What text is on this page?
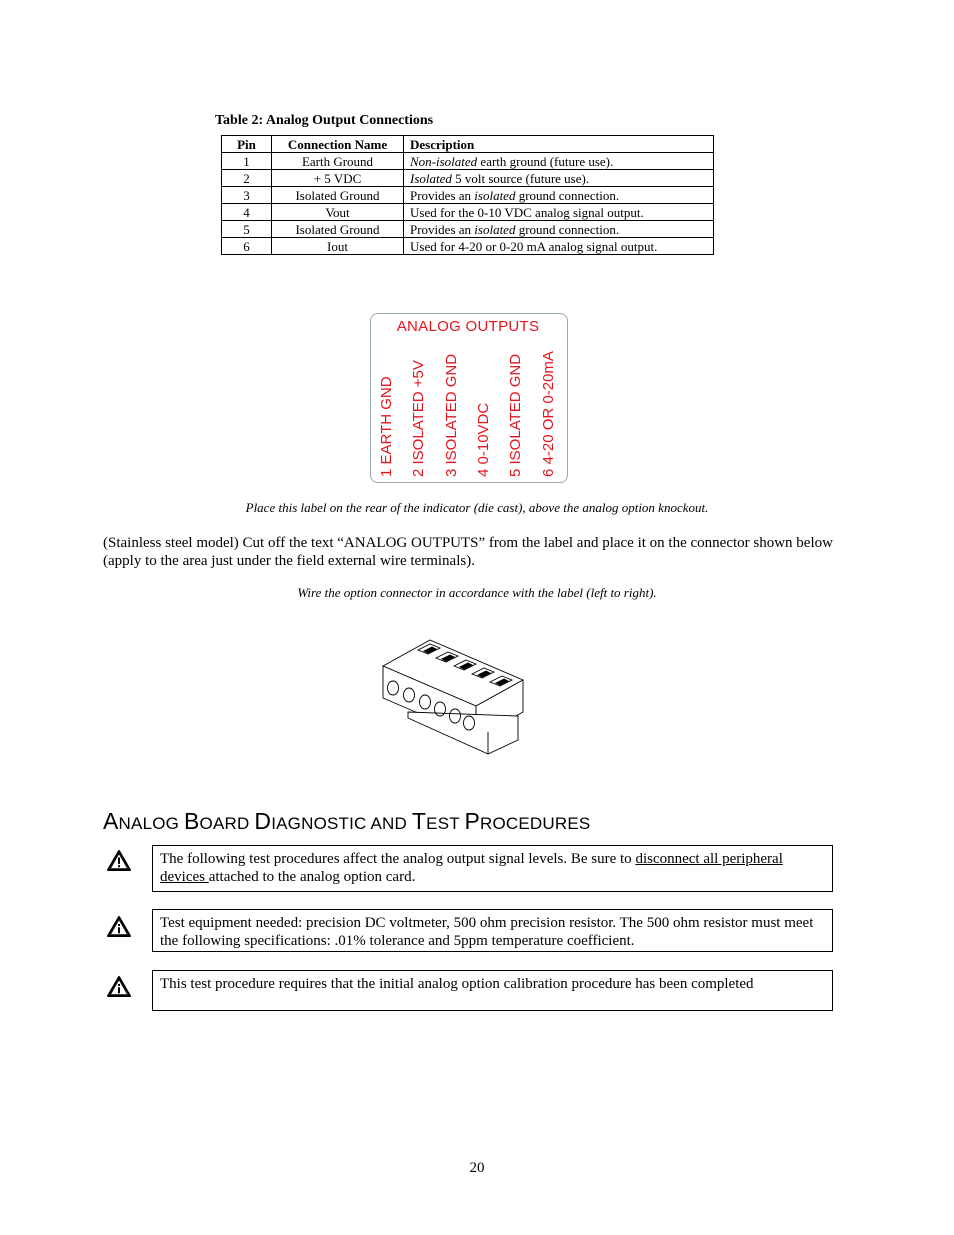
Table 2: Analog Output Connections
Pin	Connection Name	Description
1	Earth Ground	Non-isolated earth ground (future use).
2	+ 5 VDC	Isolated 5 volt source (future use).
3	Isolated Ground	Provides an isolated ground connection.
4	Vout	Used for the 0-10 VDC analog signal output.
5	Isolated Ground	Provides an isolated ground connection.
6	Iout	Used for 4-20 or 0-20 mA analog signal output.
ANALOG OUTPUTS
1 EARTH GND 2 ISOLATED +5V 3 ISOLATED GND 4 0-10VDC 5 ISOLATED GND 6 4-20 OR 0-20mA
Place this label on the rear of the indicator (die cast), above the analog option knockout.
(Stainless steel model) Cut off the text “ANALOG OUTPUTS” from the label and place it on the connector shown below (apply to the area just under the field external wire terminals).
Wire the option connector in accordance with the label (left to right).
ANALOG BOARD DIAGNOSTIC AND TEST PROCEDURES
The following test procedures affect the analog output signal levels. Be sure to disconnect all peripheral devices attached to the analog option card.
Test equipment needed: precision DC voltmeter, 500 ohm precision resistor. The 500 ohm resistor must meet the following specifications: .01% tolerance and 5ppm temperature coefficient.
This test procedure requires that the initial analog option calibration procedure has been completed
20
